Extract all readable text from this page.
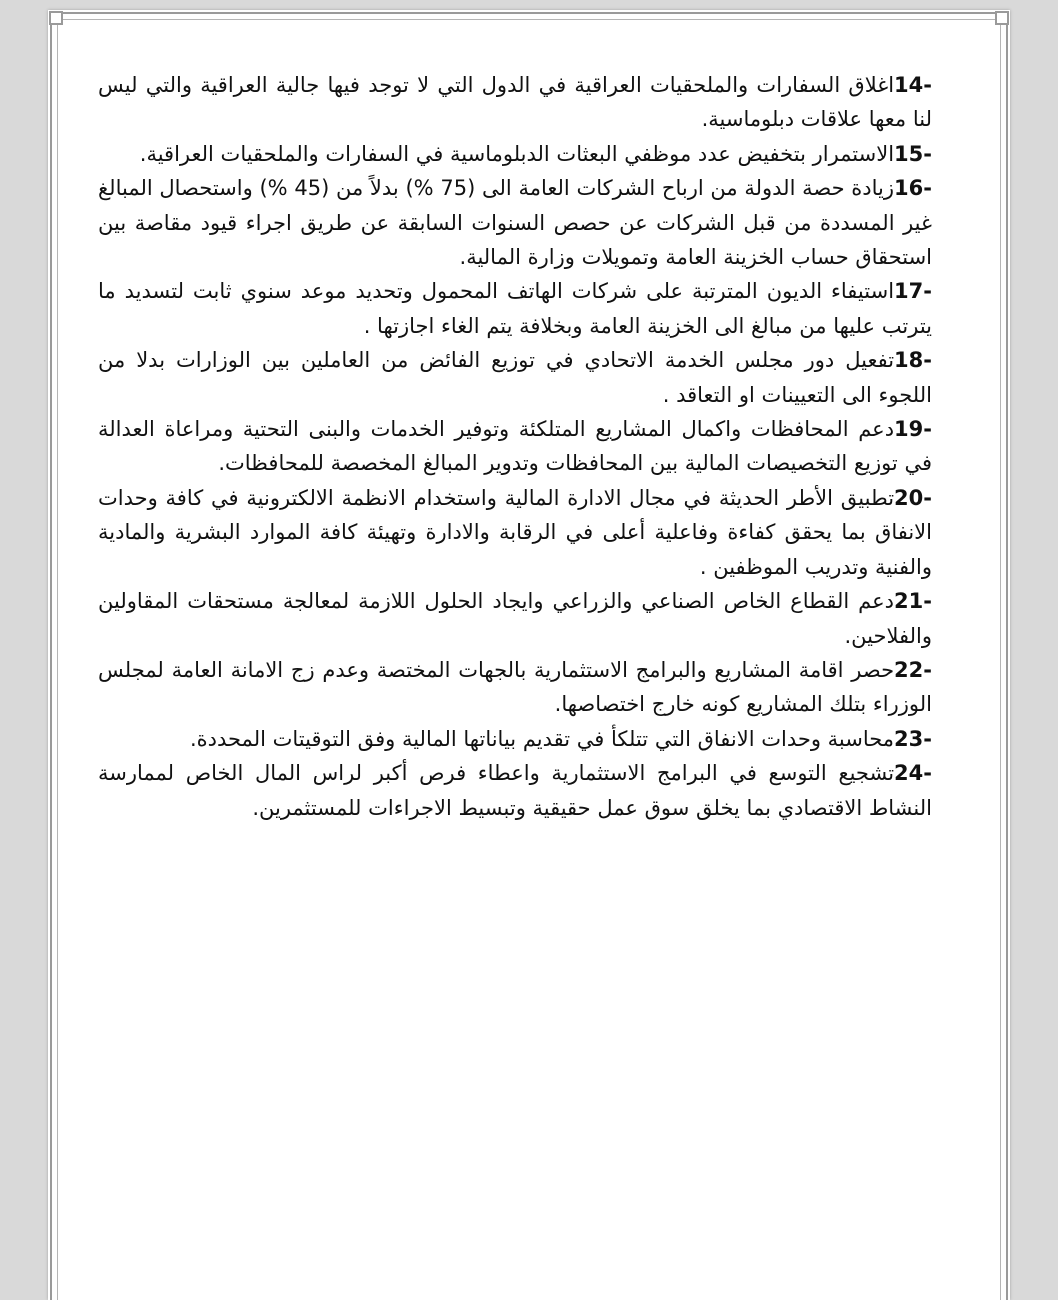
14-اغلاق السفارات والملحقيات العراقية في الدول التي لا توجد فيها جالية العراقية والتي ليس لنا معها علاقات دبلوماسية.

15-الاستمرار بتخفيض عدد موظفي البعثات الدبلوماسية في السفارات والملحقيات العراقية.

16-زيادة حصة الدولة من ارباح الشركات العامة الى (75 %) بدلاً من (45 %) واستحصال المبالغ غير المسددة من قبل الشركات عن حصص السنوات السابقة عن طريق اجراء قيود مقاصة بين استحقاق حساب الخزينة العامة وتمويلات وزارة المالية.

17-استيفاء الديون المترتبة على شركات الهاتف المحمول وتحديد موعد سنوي ثابت لتسديد ما يترتب عليها من مبالغ الى الخزينة العامة وبخلافة يتم الغاء اجازتها .

18-تفعيل دور مجلس الخدمة الاتحادي في توزيع الفائض من العاملين بين الوزارات بدلا من اللجوء الى التعيينات او التعاقد .

19-دعم المحافظات واكمال المشاريع المتلكئة وتوفير الخدمات والبنى التحتية ومراعاة العدالة في توزيع التخصيصات المالية بين المحافظات وتدوير المبالغ المخصصة للمحافظات.

20-تطبيق الأطر الحديثة في مجال الادارة المالية واستخدام الانظمة الالكترونية في كافة وحدات الانفاق بما يحقق كفاءة وفاعلية أعلى في الرقابة والادارة وتهيئة كافة الموارد البشرية والمادية والفنية وتدريب الموظفين .

21-دعم القطاع الخاص الصناعي والزراعي وايجاد الحلول اللازمة لمعالجة مستحقات المقاولين والفلاحين.

22-حصر اقامة المشاريع والبرامج الاستثمارية بالجهات المختصة وعدم زج الامانة العامة لمجلس الوزراء بتلك المشاريع كونه خارج اختصاصها.

23-محاسبة وحدات الانفاق التي تتلكأ في تقديم بياناتها المالية وفق التوقيتات المحددة.

24-تشجيع التوسع في البرامج الاستثمارية واعطاء فرص أكبر لراس المال الخاص لممارسة النشاط الاقتصادي بما يخلق سوق عمل حقيقية وتبسيط الاجراءات للمستثمرين.
